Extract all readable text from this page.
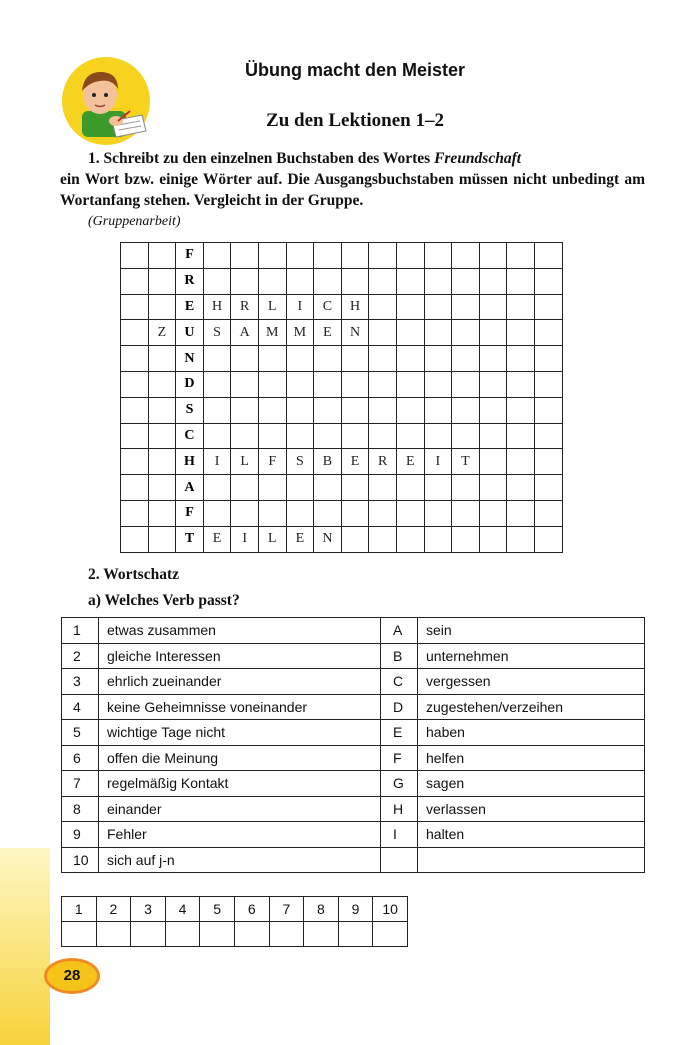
28
Übung macht den Meister
Zu den Lektionen 1–2
1. Schreibt zu den einzelnen Buchstaben des Wortes Freundschaft
ein Wort bzw. einige Wörter auf. Die Ausgangsbuchstaben müssen nicht unbedingt am Wortanfang stehen. Vergleicht in der Gruppe.
(Gruppenarbeit)
		F													
		R													
		E	H	R	L	I	C	H							
	Z	U	S	A	M	M	E	N							
		N													
		D													
		S													
		C													
		H	I	L	F	S	B	E	R	E	I	T			
		A													
		F													
		T	E	I	L	E	N								
2. Wortschatz
a) Welches Verb passt?
1	etwas zusammen	A	sein
2	gleiche Interessen	B	unternehmen
3	ehrlich zueinander	C	vergessen
4	keine Geheimnisse voneinander	D	zugestehen/verzeihen
5	wichtige Tage nicht	E	haben
6	offen die Meinung	F	helfen
7	regelmäßig Kontakt	G	sagen
8	einander	H	verlassen
9	Fehler	I	halten
10	sich auf j-n		
1	2	3	4	5	6	7	8	9	10
